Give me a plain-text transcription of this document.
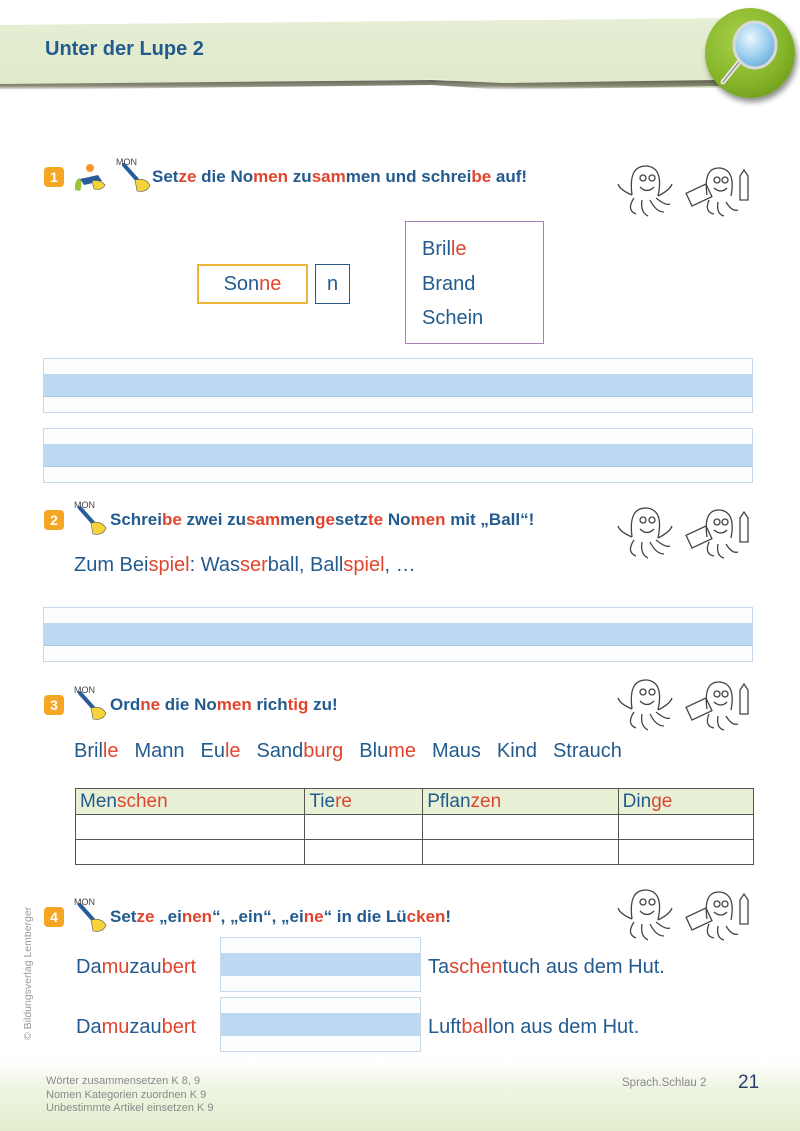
Unter der Lupe 2
1
MON
Setze die Nomen zusammen und schreibe auf!
Sonne n
Brille
Brand
Schein
2
MON
Schreibe zwei zusammengesetzte Nomen mit „Ball“!
Zum Beispiel: Wasserball, Ballspiel, …
3
MON
Ordne die Nomen richtig zu!
Brille Mann Eule Sandburg Blume Maus Kind Strauch
Menschen	Tiere	Pflanzen	Dinge

4
MON
Setze „einen“, „ein“, „eine“ in die Lücken!
Da mu zau bert	Taschentuch aus dem Hut.
Da mu zau bert	Luftballon aus dem Hut.
© Bildungsverlag Lemberger
Wörter zusammensetzen K 8, 9
Nomen Kategorien zuordnen K 9
Unbestimmte Artikel einsetzen K 9
Sprach.Schlau 2 21
